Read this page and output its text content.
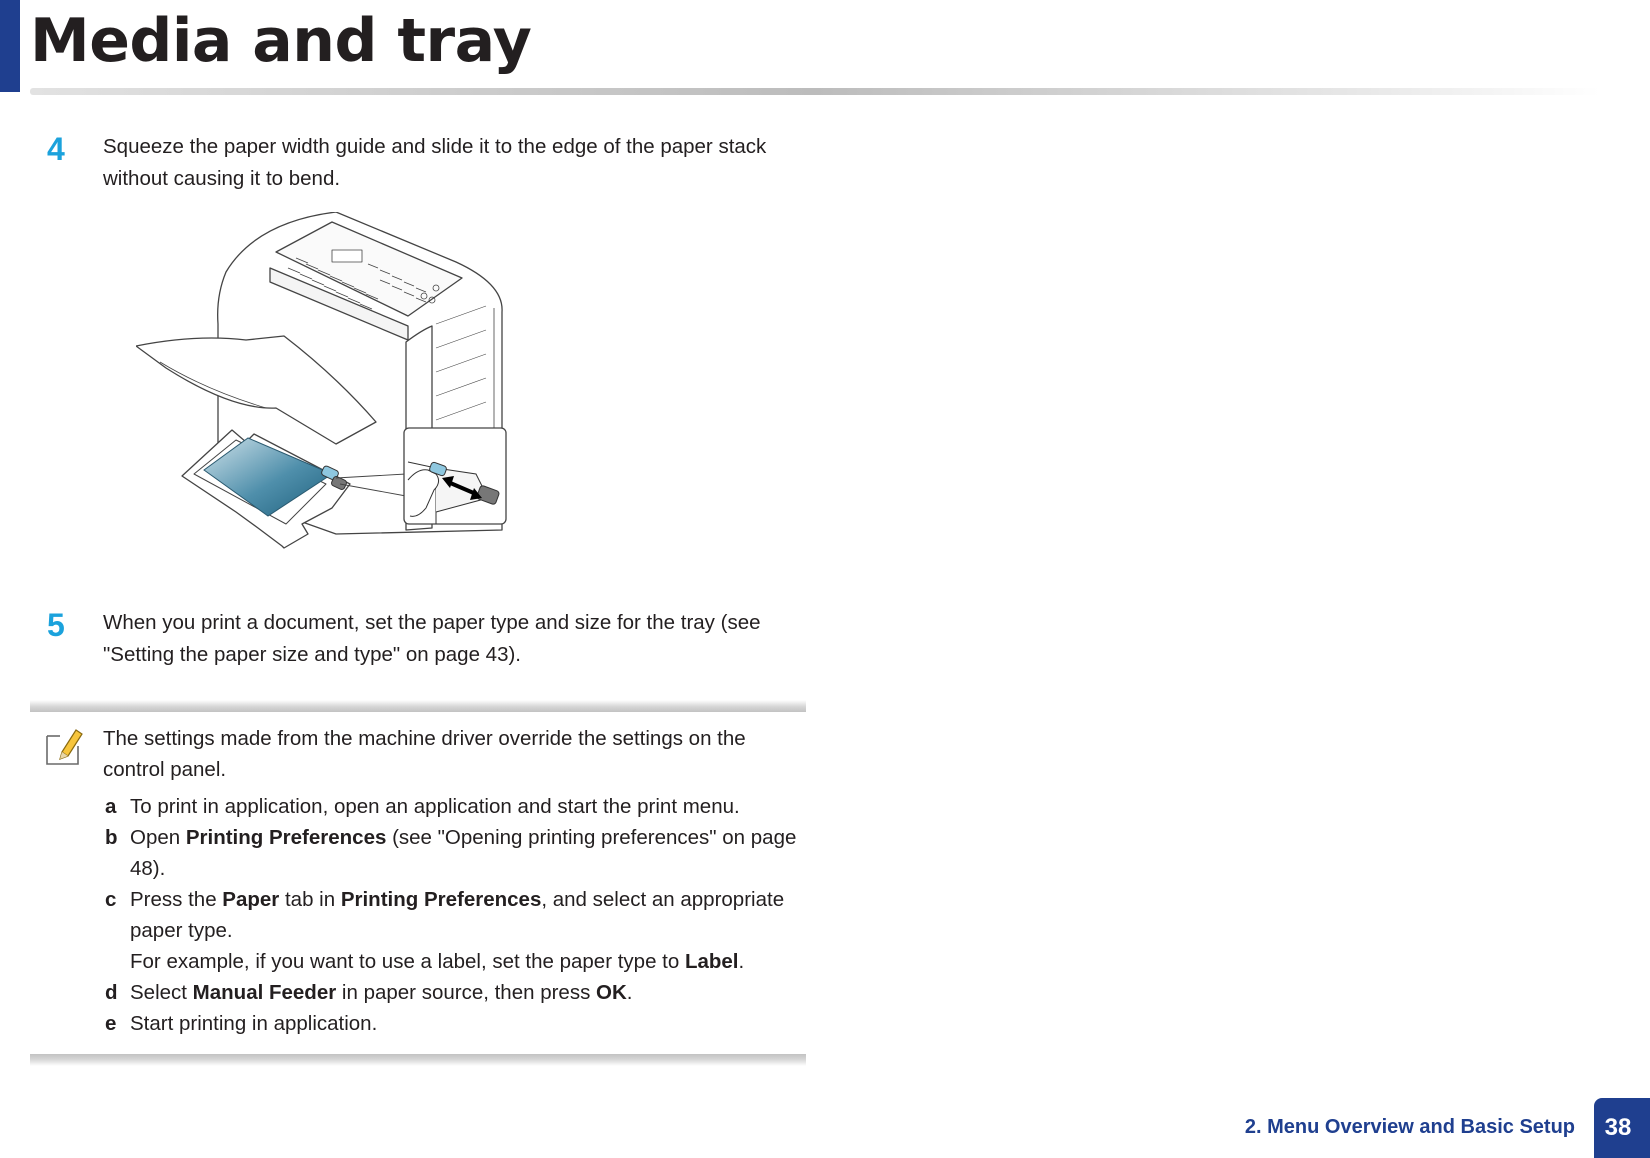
Media and tray
4 Squeeze the paper width guide and slide it to the edge of the paper stack without causing it to bend.

5 When you print a document, set the paper type and size for the tray (see "Setting the paper size and type" on page 43).

The settings made from the machine driver override the settings on the control panel.

a To print in application, open an application and start the print menu.
b Open Printing Preferences (see "Opening printing preferences" on page 48).
c Press the Paper tab in Printing Preferences, and select an appropriate paper type.
For example, if you want to use a label, set the paper type to Label.
d Select Manual Feeder in paper source, then press OK.
e Start printing in application.
2. Menu Overview and Basic Setup	38
